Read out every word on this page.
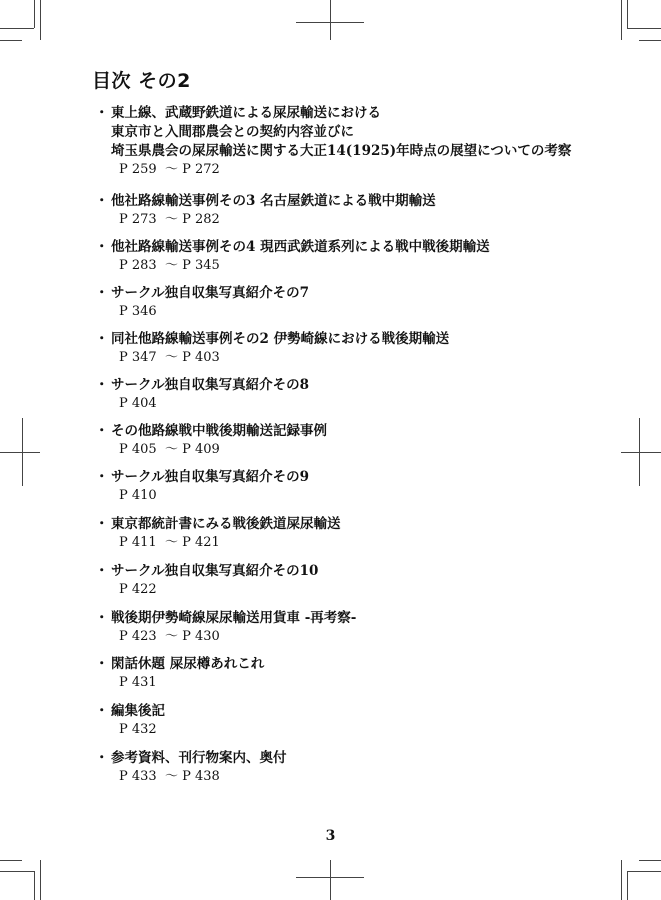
目次 その2
・ 東上線、武蔵野鉄道による屎尿輸送における
東京市と入間郡農会との契約内容並びに
埼玉県農会の屎尿輸送に関する大正14(1925)年時点の展望についての考察
P 259  ～ P 272
・ 他社路線輸送事例その3 名古屋鉄道による戦中期輸送
P 273  ～ P 282
・ 他社路線輸送事例その4 現西武鉄道系列による戦中戦後期輸送
P 283  ～ P 345
・ サークル独自収集写真紹介その7
P 346
・ 同社他路線輸送事例その2 伊勢崎線における戦後期輸送
P 347  ～ P 403
・ サークル独自収集写真紹介その8
P 404
・ その他路線戦中戦後期輸送記録事例
P 405  ～ P 409
・ サークル独自収集写真紹介その9
P 410
・ 東京都統計書にみる戦後鉄道屎尿輸送
P 411  ～ P 421
・ サークル独自収集写真紹介その10
P 422
・ 戦後期伊勢崎線屎尿輸送用貨車 -再考察-
P 423  ～ P 430
・ 閑話休題 屎尿樽あれこれ
P 431
・ 編集後記
P 432
・ 参考資料、刊行物案内、奥付
P 433  ～ P 438
3
